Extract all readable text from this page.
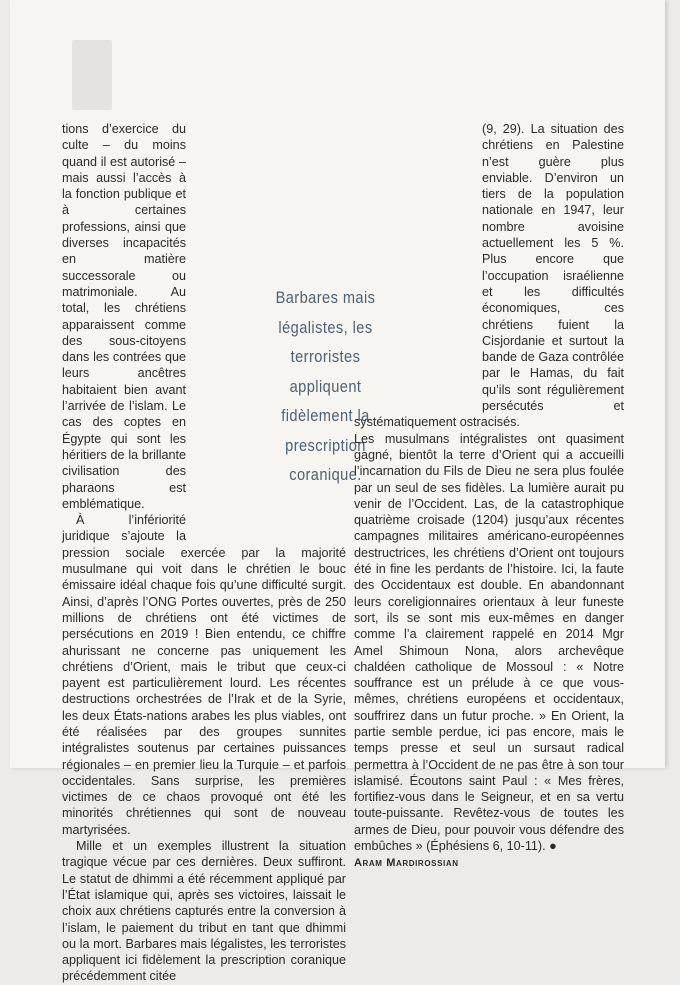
tions d’exercice du culte – du moins quand il est autorisé – mais aussi l’accès à la fonction publique et à certaines professions, ainsi que diverses incapacités en matière successorale ou matrimoniale. Au total, les chrétiens apparaissent comme des sous-citoyens dans les contrées que leurs ancêtres habitaient bien avant l’arrivée de l’islam. Le cas des coptes en Égypte qui sont les héritiers de la brillante civilisation des pharaons est emblématique.

À l’infériorité juridique s’ajoute la pression sociale exercée par la majorité musulmane qui voit dans le chrétien le bouc émissaire idéal chaque fois qu’une difficulté surgit. Ainsi, d’après l’ONG Portes ouvertes, près de 250 millions de chrétiens ont été victimes de persécutions en 2019 ! Bien entendu, ce chiffre ahurissant ne concerne pas uniquement les chrétiens d’Orient, mais le tribut que ceux-ci payent est particulièrement lourd. Les récentes destructions orchestrées de l’Irak et de la Syrie, les deux États-nations arabes les plus viables, ont été réalisées par des groupes sunnites intégralistes soutenus par certaines puissances régionales – en premier lieu la Turquie – et parfois occidentales. Sans surprise, les premières victimes de ce chaos provoqué ont été les minorités chrétiennes qui sont de nouveau martyrisées.

Mille et un exemples illustrent la situation tragique vécue par ces dernières. Deux suffiront. Le statut de dhimmi a été récemment appliqué par l’État islamique qui, après ses victoires, laissait le choix aux chrétiens capturés entre la conversion à l’islam, le paiement du tribut en tant que dhimmi ou la mort. Barbares mais légalistes, les terroristes appliquent ici fidèlement la prescription coranique précédemment citée

Barbares mais légalistes, les terroristes appliquent fidèlement la prescription coranique.

(9, 29). La situation des chrétiens en Palestine n’est guère plus enviable. D’environ un tiers de la population nationale en 1947, leur nombre avoisine actuellement les 5 %. Plus encore que l’occupation israélienne et les difficultés économiques, ces chrétiens fuient la Cisjordanie et surtout la bande de Gaza contrôlée par le Hamas, du fait qu’ils sont régulièrement persécutés et systématiquement ostracisés.

Les musulmans intégralistes ont quasiment gagné, bientôt la terre d’Orient qui a accueilli l’incarnation du Fils de Dieu ne sera plus foulée par un seul de ses fidèles. La lumière aurait pu venir de l’Occident. Las, de la catastrophique quatrième croisade (1204) jusqu’aux récentes campagnes militaires américano-européennes destructrices, les chrétiens d’Orient ont toujours été in fine les perdants de l’histoire. Ici, la faute des Occidentaux est double. En abandonnant leurs coreligionnaires orientaux à leur funeste sort, ils se sont mis eux-mêmes en danger comme l’a clairement rappelé en 2014 Mgr Amel Shimoun Nona, alors archevêque chaldéen catholique de Mossoul : « Notre souffrance est un prélude à ce que vous-mêmes, chrétiens européens et occidentaux, souffrirez dans un futur proche. » En Orient, la partie semble perdue, ici pas encore, mais le temps presse et seul un sursaut radical permettra à l’Occident de ne pas être à son tour islamisé. Écoutons saint Paul : « Mes frères, fortifiez-vous dans le Seigneur, et en sa vertu toute-puissante. Revêtez-vous de toutes les armes de Dieu, pour pouvoir vous défendre des embûches » (Éphésiens 6, 10-11). ●

Aram Mardirossian
